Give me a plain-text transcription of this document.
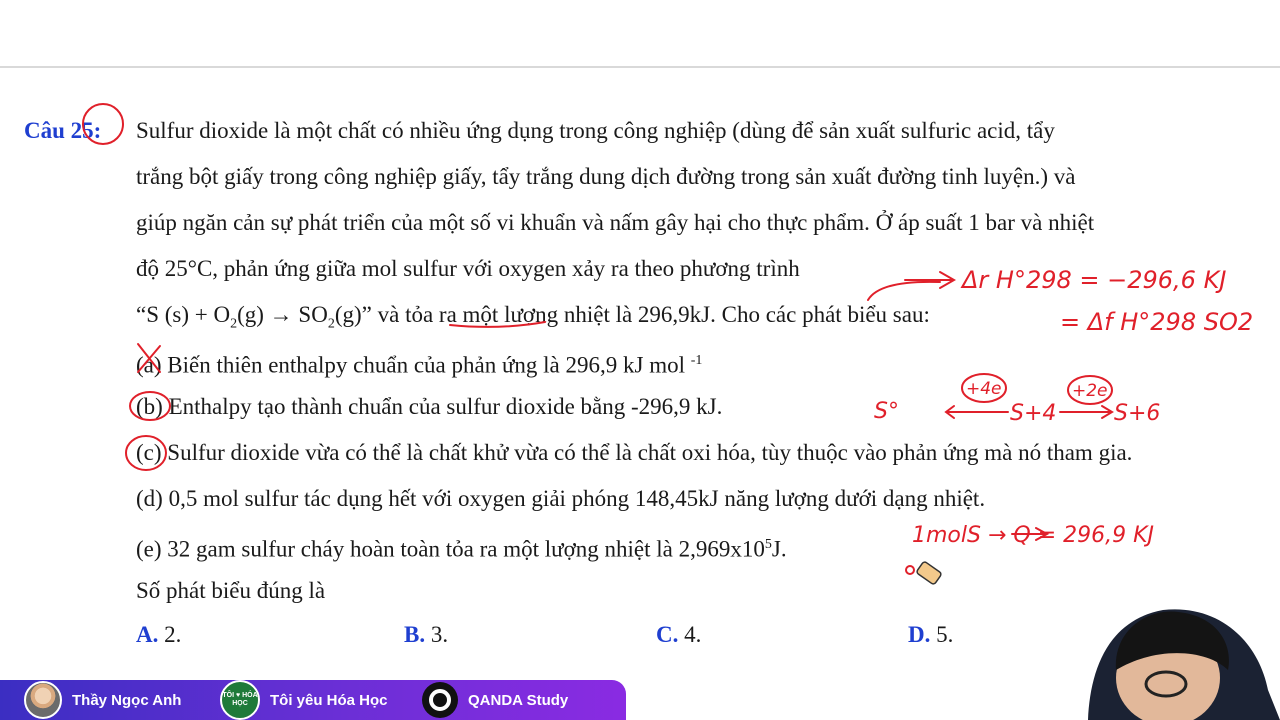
Câu 25: Sulfur dioxide là một chất có nhiều ứng dụng trong công nghiệp (dùng để sản xuất sulfuric acid, tẩy
trắng bột giấy trong công nghiệp giấy, tẩy trắng dung dịch đường trong sản xuất đường tinh luyện.) và
giúp ngăn cản sự phát triển của một số vi khuẩn và nấm gây hại cho thực phẩm. Ở áp suất 1 bar và nhiệt
độ 25°C, phản ứng giữa mol sulfur với oxygen xảy ra theo phương trình
“S $(s) + O_2(g) \to SO_2(g)$” và tỏa ra một lượng nhiệt là 296,9kJ. Cho các phát biểu sau:
(a) Biến thiên enthalpy chuẩn của phản ứng là 296,9 kJ mol $^{-1}$
(b) Enthalpy tạo thành chuẩn của sulfur dioxide bằng -296,9 kJ.
(c) Sulfur dioxide vừa có thể là chất khử vừa có thể là chất oxi hóa, tùy thuộc vào phản ứng mà nó tham gia.
(d) 0,5 mol sulfur tác dụng hết với oxygen giải phóng 148,45kJ năng lượng dưới dạng nhiệt.
(e) 32 gam sulfur cháy hoàn toàn tỏa ra một lượng nhiệt là $2,969x10^5J$.
Số phát biểu đúng là
A. 2.	B. 3.	C. 4.	D. 5.
Δr H°298 = −296,6 KJ
= Δf H°298 SO2
S°
+4e
S+4
+2e
S+6
1molS → Q = 296,9 KJ
Thầy Ngọc Anh	TÔI ♥ HÓA HỌC	Tôi yêu Hóa Học	QANDA Study
